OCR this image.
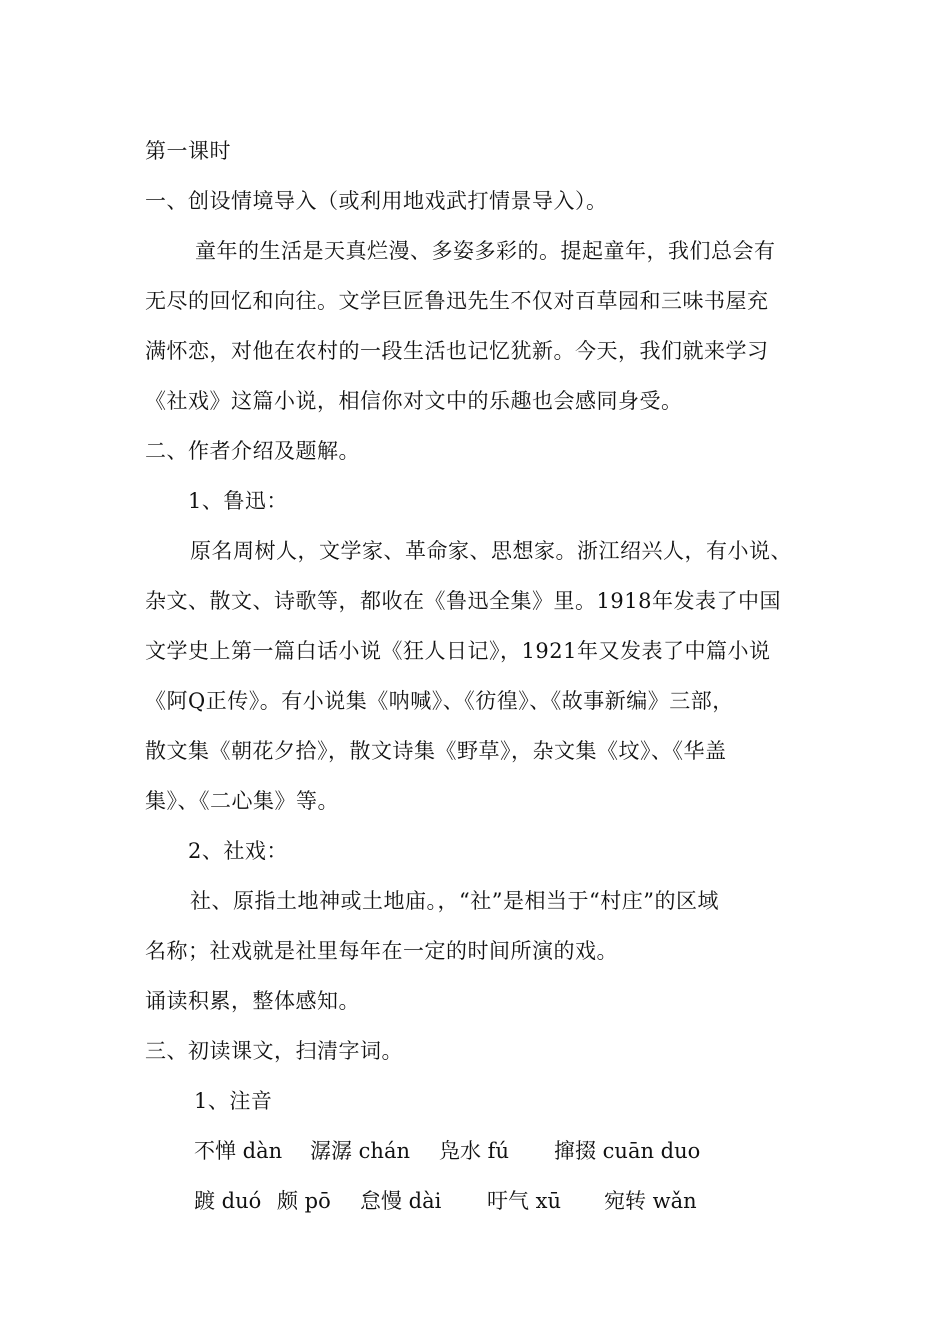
第一课时
一、创设情境导入（或利用地戏武打情景导入）。
童年的生活是天真烂漫、多姿多彩的。提起童年，我们总会有
无尽的回忆和向往。文学巨匠鲁迅先生不仅对百草园和三味书屋充
满怀恋，对他在农村的一段生活也记忆犹新。今天，我们就来学习
《社戏》这篇小说，相信你对文中的乐趣也会感同身受。
二、作者介绍及题解。
1、鲁迅：
原名周树人，文学家、革命家、思想家。浙江绍兴人，有小说、
杂文、散文、诗歌等，都收在《鲁迅全集》里。1918年发表了中国
文学史上第一篇白话小说《狂人日记》，1921年又发表了中篇小说
《阿Q正传》。有小说集《呐喊》、《彷徨》、《故事新编》三部，
散文集《朝花夕拾》，散文诗集《野草》，杂文集《坟》、《华盖
集》、《二心集》等。
2、社戏：
社、原指土地神或土地庙。，“社”是相当于“村庄”的区域
名称；社戏就是社里每年在一定的时间所演的戏。
诵读积累，整体感知。
三、初读课文，扫清字词。
1、注音
不惮 dàn 潺潺 chán 凫水 fú 撺掇 cuān duo
踱 duó 颇 pō 怠慢 dài 吁气 xū 宛转 wǎn
